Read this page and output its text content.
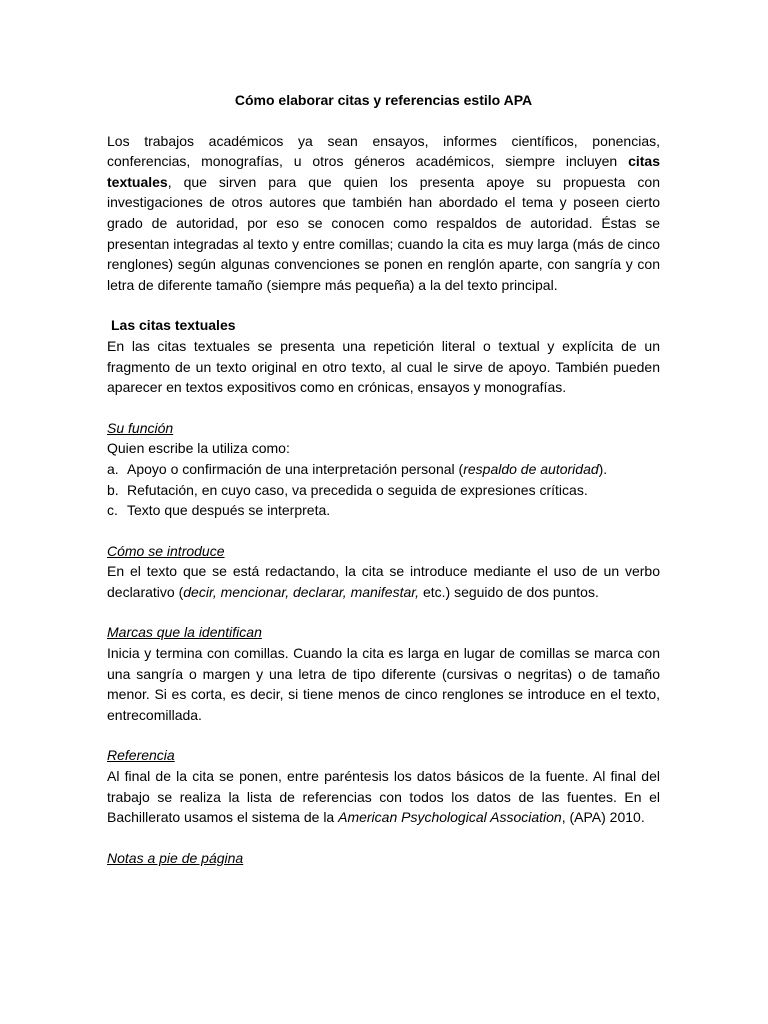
Cómo elaborar citas y referencias estilo APA

Los trabajos académicos ya sean ensayos, informes científicos, ponencias, conferencias, monografías, u otros géneros académicos, siempre incluyen citas textuales, que sirven para que quien los presenta apoye su propuesta con investigaciones de otros autores que también han abordado el tema y poseen cierto grado de autoridad, por eso se conocen como respaldos de autoridad. Éstas se presentan integradas al texto y entre comillas; cuando la cita es muy larga (más de cinco renglones) según algunas convenciones se ponen en renglón aparte, con sangría y con letra de diferente tamaño (siempre más pequeña) a la del texto principal.

Las citas textuales

En las citas textuales se presenta una repetición literal o textual y explícita de un fragmento de un texto original en otro texto, al cual le sirve de apoyo. También pueden aparecer en textos expositivos como en crónicas, ensayos y monografías.

Su función

Quien escribe la utiliza como:

a. Apoyo o confirmación de una interpretación personal (respaldo de autoridad).
b. Refutación, en cuyo caso, va precedida o seguida de expresiones críticas.
c. Texto que después se interpreta.

Cómo se introduce

En el texto que se está redactando, la cita se introduce mediante el uso de un verbo declarativo (decir, mencionar, declarar, manifestar, etc.) seguido de dos puntos.

Marcas que la identifican

Inicia y termina con comillas. Cuando la cita es larga en lugar de comillas se marca con una sangría o margen y una letra de tipo diferente (cursivas o negritas) o de tamaño menor. Si es corta, es decir, si tiene menos de cinco renglones se introduce en el texto, entrecomillada.

Referencia

Al final de la cita se ponen, entre paréntesis los datos básicos de la fuente. Al final del trabajo se realiza la lista de referencias con todos los datos de las fuentes. En el Bachillerato usamos el sistema de la American Psychological Association, (APA) 2010.

Notas a pie de página
